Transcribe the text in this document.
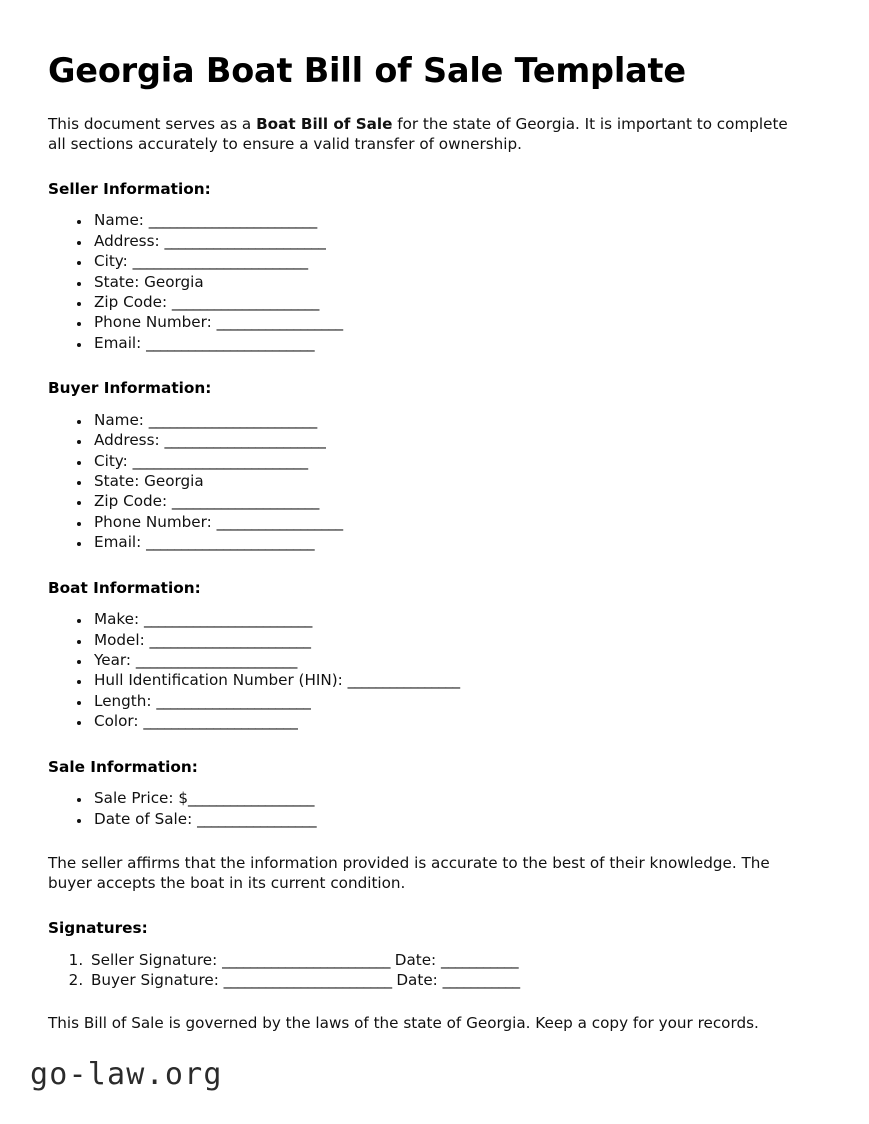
Georgia Boat Bill of Sale Template

This document serves as a Boat Bill of Sale for the state of Georgia. It is important to complete all sections accurately to ensure a valid transfer of ownership.

Seller Information:
• Name: ________________________
• Address: _______________________
• City: _________________________
• State: Georgia
• Zip Code: _____________________
• Phone Number: __________________
• Email: ________________________
Buyer Information:
• Name: ________________________
• Address: _______________________
• City: _________________________
• State: Georgia
• Zip Code: _____________________
• Phone Number: __________________
• Email: ________________________
Boat Information:
• Make: ________________________
• Model: _______________________
• Year: _______________________
• Hull Identification Number (HIN): ________________
• Length: ______________________
• Color: ______________________
Sale Information:
• Sale Price: $__________________
• Date of Sale: _________________

The seller affirms that the information provided is accurate to the best of their knowledge. The buyer accepts the boat in its current condition.

Signatures:
1. Seller Signature: ________________________ Date: ___________
2. Buyer Signature: ________________________ Date: ___________

This Bill of Sale is governed by the laws of the state of Georgia. Keep a copy for your records.

go-law.org
